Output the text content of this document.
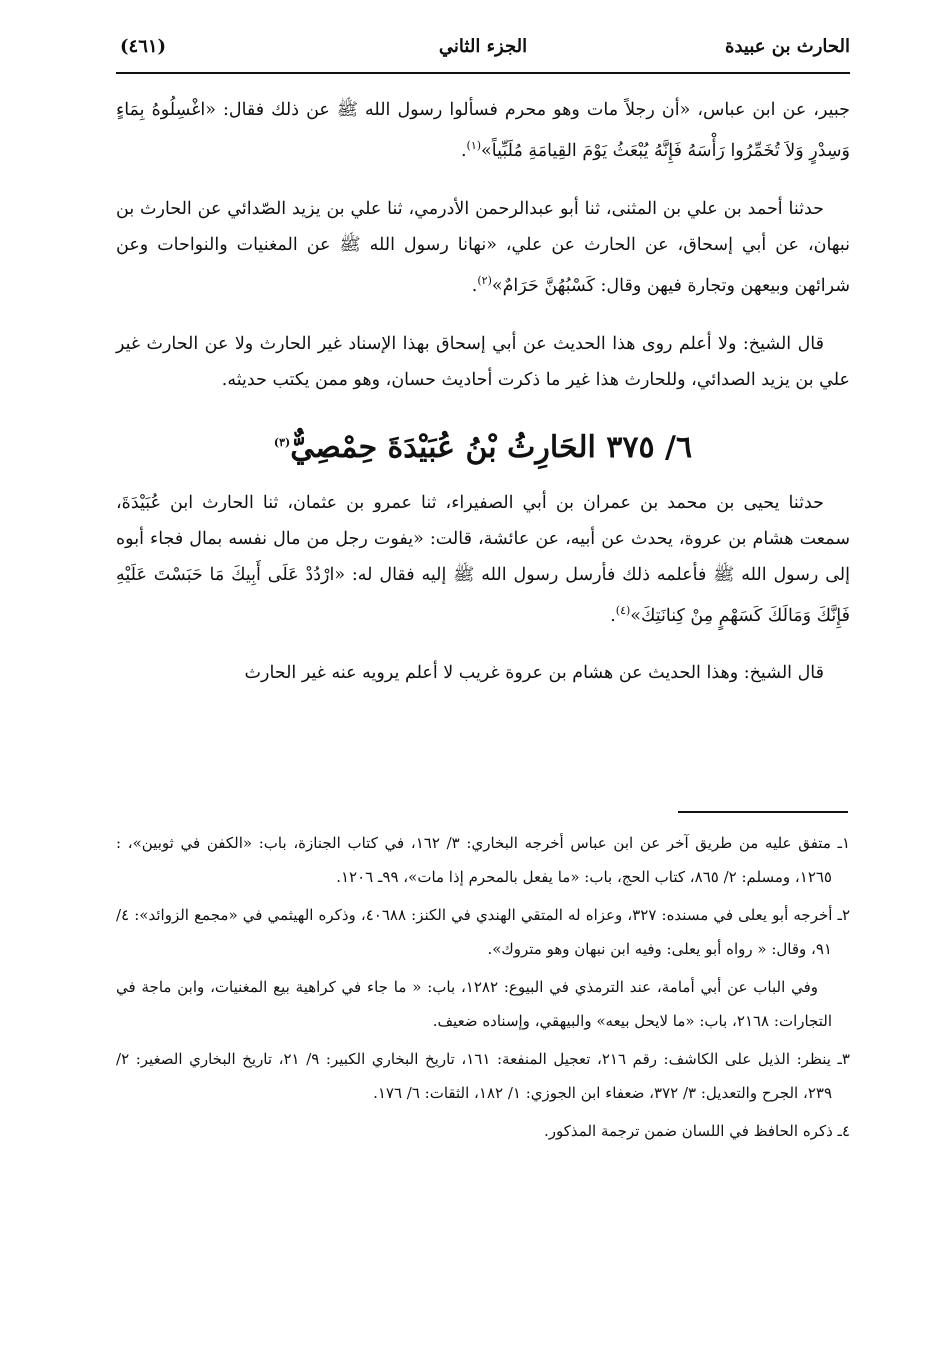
الحارث بن عبيدة
الجزء الثاني
(٤٦١)

جبير، عن ابن عباس، «أن رجلاً مات وهو محرم فسألوا رسول الله ﷺ عن ذلك فقال: «اغْسِلُوهُ بِمَاءٍ وَسِدْرٍ وَلاَ تُخَمِّرُوا رَأْسَهُ فَإِنَّهُ يُبْعَثُ يَوْمَ القِيامَةِ مُلَبِّياً»$^{(١)}$.

حدثنا أحمد بن علي بن المثنى، ثنا أبو عبدالرحمن الأدرمي، ثنا علي بن يزيد الصّدائي عن الحارث بن نبهان، عن أبي إسحاق، عن الحارث عن علي، «نهانا رسول الله ﷺ عن المغنيات والنواحات وعن شرائهن وبيعهن وتجارة فيهن وقال: كَسْبُهُنَّ حَرَامٌ»$^{(٢)}$.

قال الشيخ: ولا أعلم روى هذا الحديث عن أبي إسحاق بهذا الإسناد غير الحارث ولا عن الحارث غير علي بن يزيد الصدائي، وللحارث هذا غير ما ذكرت أحاديث حسان، وهو ممن يكتب حديثه.

٦/ ٣٧٥ الحَارِثُ بْنُ عُبَيْدَةَ حِمْصِيٌّ$^{(٣)}$

حدثنا يحيى بن محمد بن عمران بن أبي الصفيراء، ثنا عمرو بن عثمان، ثنا الحارث ابن عُبَيْدَةَ، سمعت هشام بن عروة، يحدث عن أبيه، عن عائشة، قالت: «يفوت رجل من مال نفسه بمال فجاء أبوه إلى رسول الله ﷺ فأعلمه ذلك فأرسل رسول الله ﷺ إليه فقال له: «ارْدُدْ عَلَى أَبِيكَ مَا حَبَسْتَ عَلَيْهِ فَإِنَّكَ وَمَالَكَ كَسَهْمٍ مِنْ كِنانَتِكَ»$^{(٤)}$.

قال الشيخ: وهذا الحديث عن هشام بن عروة غريب لا أعلم يرويه عنه غير الحارث

١ـ متفق عليه من طريق آخر عن ابن عباس أخرجه البخاري: ٣/ ١٦٢، في كتاب الجنازة، باب: «الكفن في ثوبين»، : ١٢٦٥، ومسلم: ٢/ ٨٦٥، كتاب الحج، باب: «ما يفعل بالمحرم إذا مات»، ٩٩ـ ١٢٠٦.

٢ـ أخرجه أبو يعلى في مسنده: ٣٢٧، وعزاه له المتقي الهندي في الكنز: ٤٠٦٨٨، وذكره الهيثمي في «مجمع الزوائد»: ٤/ ٩١، وقال: « رواه أبو يعلى: وفيه ابن نبهان وهو متروك».

وفي الباب عن أبي أمامة، عند الترمذي في البيوع: ١٢٨٢، باب: « ما جاء في كراهية بيع المغنيات، وابن ماجة في التجارات: ٢١٦٨، باب: «ما لايحل بيعه» والبيهقي، وإسناده ضعيف.

٣ـ ينظر: الذيل على الكاشف: رقم ٢١٦، تعجيل المنفعة: ١٦١، تاريخ البخاري الكبير: ٩/ ٢١، تاريخ البخاري الصغير: ٢/ ٢٣٩، الجرح والتعديل: ٣/ ٣٧٢، ضعفاء ابن الجوزي: ١/ ١٨٢، الثقات: ٦/ ١٧٦.

٤ـ ذكره الحافظ في اللسان ضمن ترجمة المذكور.
